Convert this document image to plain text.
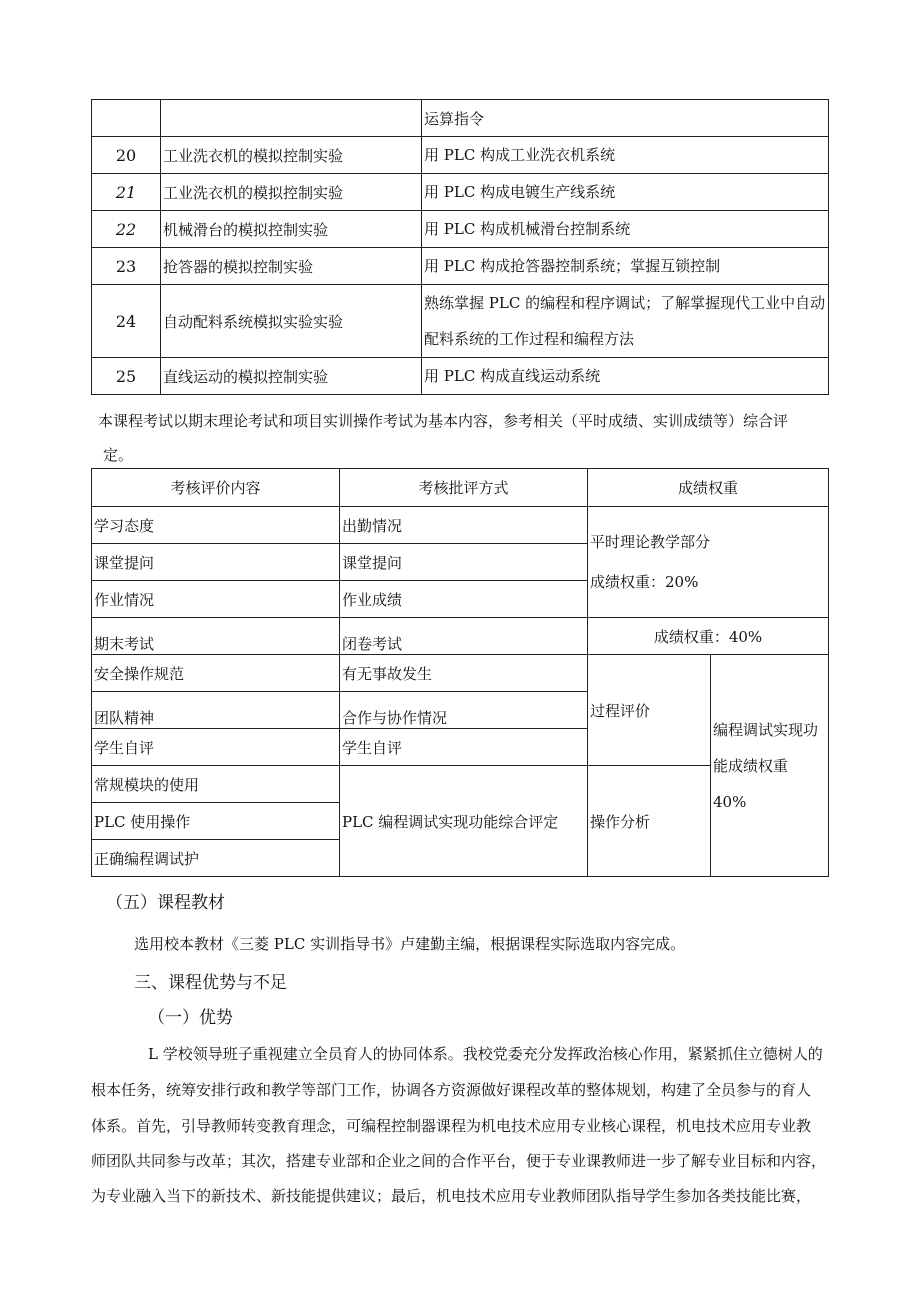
		运算指令
20	工业洗衣机的模拟控制实验	用 PLC 构成工业洗衣机系统
21	工业洗衣机的模拟控制实验	用 PLC 构成电镀生产线系统
22	机械滑台的模拟控制实验	用 PLC 构成机械滑台控制系统
23	抢答器的模拟控制实验	用 PLC 构成抢答器控制系统；掌握互锁控制
24	自动配料系统模拟实验实验	熟练掌握 PLC 的编程和程序调试；了解掌握现代工业中自动
配料系统的工作过程和编程方法
25	直线运动的模拟控制实验	用 PLC 构成直线运动系统
本课程考试以期末理论考试和项目实训操作考试为基本内容，参考相关（平时成绩、实训成绩等）综合评
定。
考核评价内容	考核批评方式	成绩权重	
学习态度	出勤情况	平时理论教学部分
成绩权重：20%	
课堂提问	课堂提问		
作业情况	作业成绩		
期末考试	闭卷考试	成绩权重：40%	
安全操作规范	有无事故发生	过程评价	编程调试实现功
能成绩权重 40%
团队精神	合作与协作情况		
学生自评	学生自评		
常规模块的使用	PLC 编程调试实现功能综合评定	操作分析	
PLC 使用操作			
正确编程调试护			
（五）课程教材
选用校本教材《三菱 PLC 实训指导书》卢建勤主编，根据课程实际选取内容完成。
三、课程优势与不足
（一）优势
L 学校领导班子重视建立全员育人的协同体系。我校党委充分发挥政治核心作用，紧紧抓住立德树人的
根本任务，统筹安排行政和教学等部门工作，协调各方资源做好课程改革的整体规划，构建了全员参与的育人
体系。首先，引导教师转变教育理念，可编程控制器课程为机电技术应用专业核心课程，机电技术应用专业教
师团队共同参与改革；其次，搭建专业部和企业之间的合作平台，便于专业课教师进一步了解专业目标和内容，
为专业融入当下的新技术、新技能提供建议；最后，机电技术应用专业教师团队指导学生参加各类技能比赛，
